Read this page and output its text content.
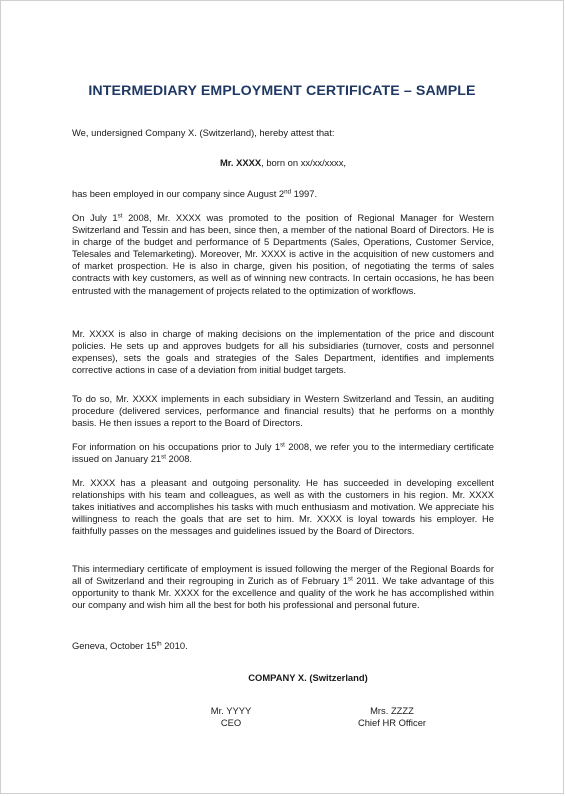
INTERMEDIARY EMPLOYMENT CERTIFICATE – SAMPLE

We, undersigned Company X. (Switzerland), hereby attest that:

Mr. XXXX, born on xx/xx/xxxx,

has been employed in our company since August 2nd 1997.

On July 1st 2008, Mr. XXXX was promoted to the position of Regional Manager for Western Switzerland and Tessin and has been, since then, a member of the national Board of Directors. He is in charge of the budget and performance of 5 Departments (Sales, Operations, Customer Service, Telesales and Telemarketing). Moreover, Mr. XXXX is active in the acquisition of new customers and of market prospection. He is also in charge, given his position, of negotiating the terms of sales contracts with key customers, as well as of winning new contracts. In certain occasions, he has been entrusted with the management of projects related to the optimization of workflows.

Mr. XXXX is also in charge of making decisions on the implementation of the price and discount policies. He sets up and approves budgets for all his subsidiaries (turnover, costs and personnel expenses), sets the goals and strategies of the Sales Department, identifies and implements corrective actions in case of a deviation from initial budget targets.

To do so, Mr. XXXX implements in each subsidiary in Western Switzerland and Tessin, an auditing procedure (delivered services, performance and financial results) that he performs on a monthly basis. He then issues a report to the Board of Directors.

For information on his occupations prior to July 1st 2008, we refer you to the intermediary certificate issued on January 21st 2008.

Mr. XXXX has a pleasant and outgoing personality. He has succeeded in developing excellent relationships with his team and colleagues, as well as with the customers in his region. Mr. XXXX takes initiatives and accomplishes his tasks with much enthusiasm and motivation. We appreciate his willingness to reach the goals that are set to him. Mr. XXXX is loyal towards his employer. He faithfully passes on the messages and guidelines issued by the Board of Directors.

This intermediary certificate of employment is issued following the merger of the Regional Boards for all of Switzerland and their regrouping in Zurich as of February 1st 2011. We take advantage of this opportunity to thank Mr. XXXX for the excellence and quality of the work he has accomplished within our company and wish him all the best for both his professional and personal future.

Geneva, October 15th 2010.

COMPANY X. (Switzerland)
Mr. YYYY
CEO
Mrs. ZZZZ
Chief HR Officer
